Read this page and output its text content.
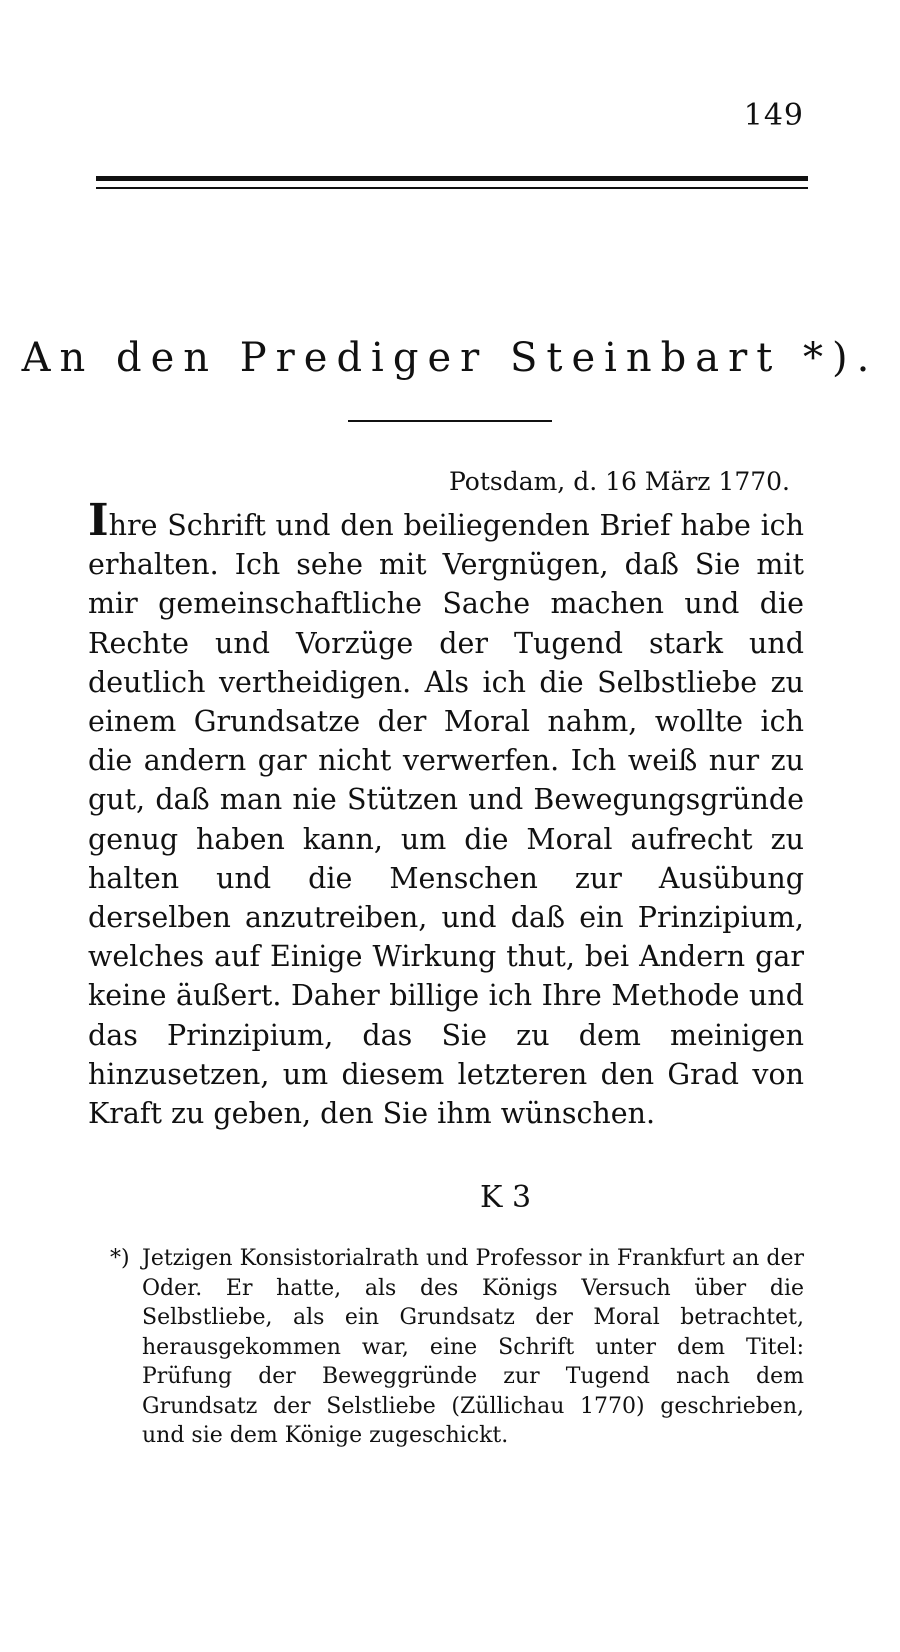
149
An den Prediger Steinbart *).
Potsdam, d. 16 März 1770.
Ihre Schrift und den beiliegenden Brief habe ich erhalten. Ich sehe mit Vergnügen, daß Sie mit mir gemeinschaftliche Sache machen und die Rechte und Vorzüge der Tugend stark und deutlich vertheidigen. Als ich die Selbstliebe zu einem Grundsatze der Moral nahm, wollte ich die andern gar nicht verwerfen. Ich weiß nur zu gut, daß man nie Stützen und Bewegungsgründe genug haben kann, um die Moral aufrecht zu halten und die Menschen zur Ausübung derselben anzutreiben, und daß ein Prinzipium, welches auf Einige Wirkung thut, bei Andern gar keine äußert. Daher billige ich Ihre Methode und das Prinzipium, das Sie zu dem meinigen hinzusetzen, um diesem letzteren den Grad von Kraft zu geben, den Sie ihm wünschen.
K 3
*) Jetzigen Konsistorialrath und Professor in Frankfurt an der Oder. Er hatte, als des Königs Versuch über die Selbstliebe, als ein Grundsatz der Moral betrachtet, herausgekommen war, eine Schrift unter dem Titel: Prüfung der Beweggründe zur Tugend nach dem Grundsatz der Selstliebe (Züllichau 1770) geschrieben, und sie dem Könige zugeschickt.
